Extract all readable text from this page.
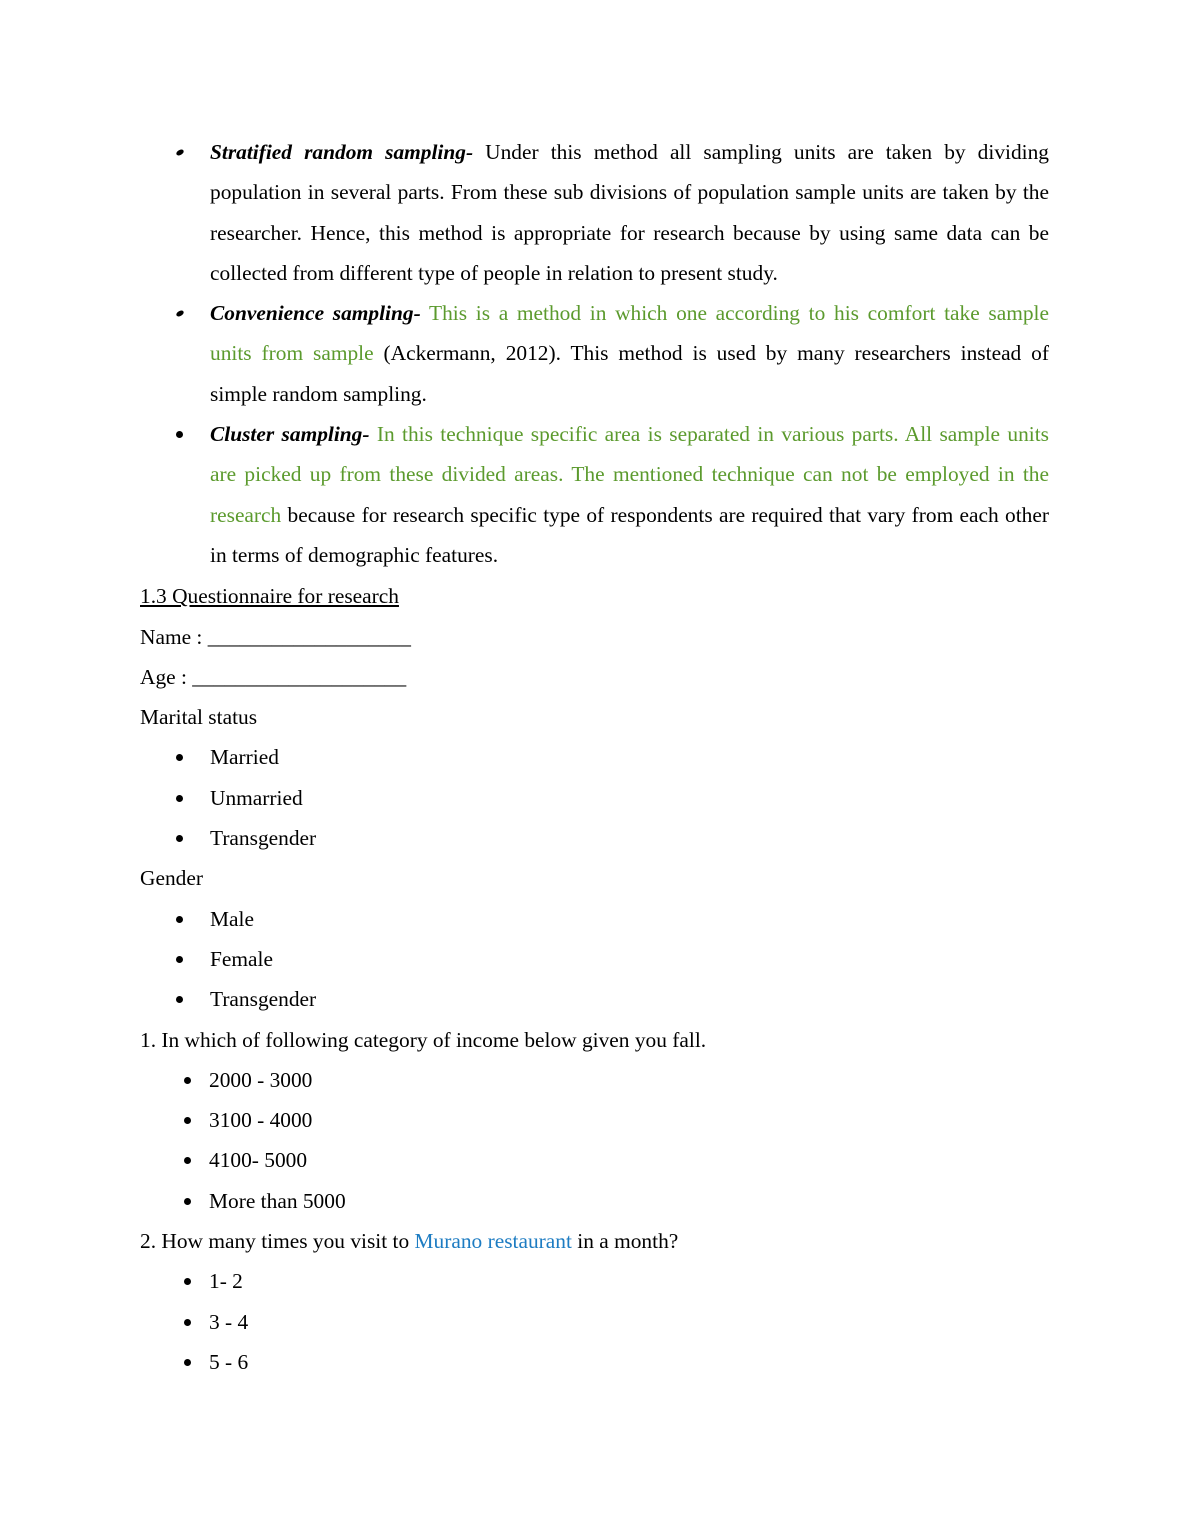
Stratified random sampling- Under this method all sampling units are taken by dividing population in several parts. From these sub divisions of population sample units are taken by the researcher. Hence, this method is appropriate for research because by using same data can be collected from different type of people in relation to present study.
Convenience sampling- This is a method in which one according to his comfort take sample units from sample (Ackermann, 2012). This method is used by many researchers instead of simple random sampling.
Cluster sampling- In this technique specific area is separated in various parts. All sample units are picked up from these divided areas. The mentioned technique can not be employed in the research because for research specific type of respondents are required that vary from each other in terms of demographic features.

1.3 Questionnaire for research

Name : ___________________

Age : ____________________

Marital status

Married
Unmarried
Transgender

Gender

Male
Female
Transgender

1. In which of following category of income below given you fall.

2000 - 3000
3100 - 4000
4100- 5000
More than 5000

2. How many times you visit to Murano restaurant in a month?

1- 2
3 - 4
5 - 6
